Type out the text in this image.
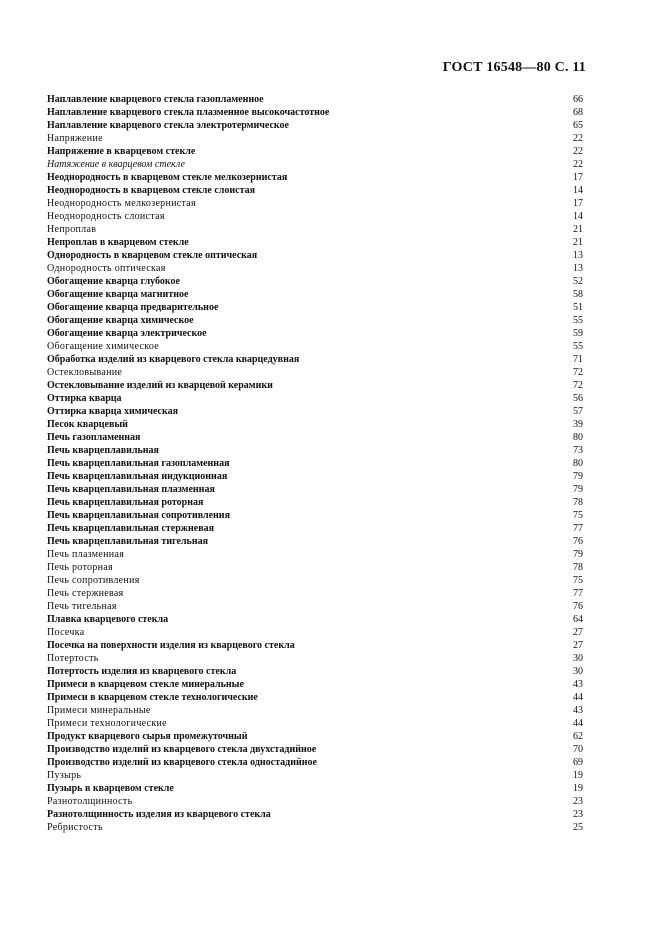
ГОСТ 16548—80 С. 11
Наплавление кварцевого стекла газопламенное	66
Наплавление кварцевого стекла плазменное высокочастотное	68
Наплавление кварцевого стекла электротермическое	65
Напряжение	22
Напряжение в кварцевом стекле	22
Натяжение в кварцевом стекле	22
Неоднородность в кварцевом стекле мелкозернистая	17
Неоднородность в кварцевом стекле слоистая	14
Неоднородность мелкозернистая	17
Неоднородность слоистая	14
Непроплав	21
Непроплав в кварцевом стекле	21
Однородность в кварцевом стекле оптическая	13
Однородность оптическая	13
Обогащение кварца глубокое	52
Обогащение кварца магнитное	58
Обогащение кварца предварительное	51
Обогащение кварца химическое	55
Обогащение кварца электрическое	59
Обогащение химическое	55
Обработка изделий из кварцевого стекла кварцедувная	71
Остекловывание	72
Остекловывание изделий из кварцевой керамики	72
Оттирка кварца	56
Оттирка кварца химическая	57
Песок кварцевый	39
Печь газопламенная	80
Печь кварцеплавильная	73
Печь кварцеплавильная газопламенная	80
Печь кварцеплавильная индукционная	79
Печь кварцеплавильная плазменная	79
Печь кварцеплавильная роторная	78
Печь кварцеплавильная сопротивления	75
Печь кварцеплавильная стержневая	77
Печь кварцеплавильная тигельная	76
Печь плазменная	79
Печь роторная	78
Печь сопротивления	75
Печь стержневая	77
Печь тигельная	76
Плавка кварцевого стекла	64
Посечка	27
Посечка на поверхности изделия из кварцевого стекла	27
Потертость	30
Потертость изделия из кварцевого стекла	30
Примеси в кварцевом стекле минеральные	43
Примеси в кварцевом стекле технологические	44
Примеси минеральные	43
Примеси технологические	44
Продукт кварцевого сырья промежуточный	62
Производство изделий из кварцевого стекла двухстадийное	70
Производство изделий из кварцевого стекла одностадийное	69
Пузырь	19
Пузырь в кварцевом стекле	19
Разнотолщинность	23
Разнотолщинность изделия из кварцевого стекла	23
Ребристость	25
